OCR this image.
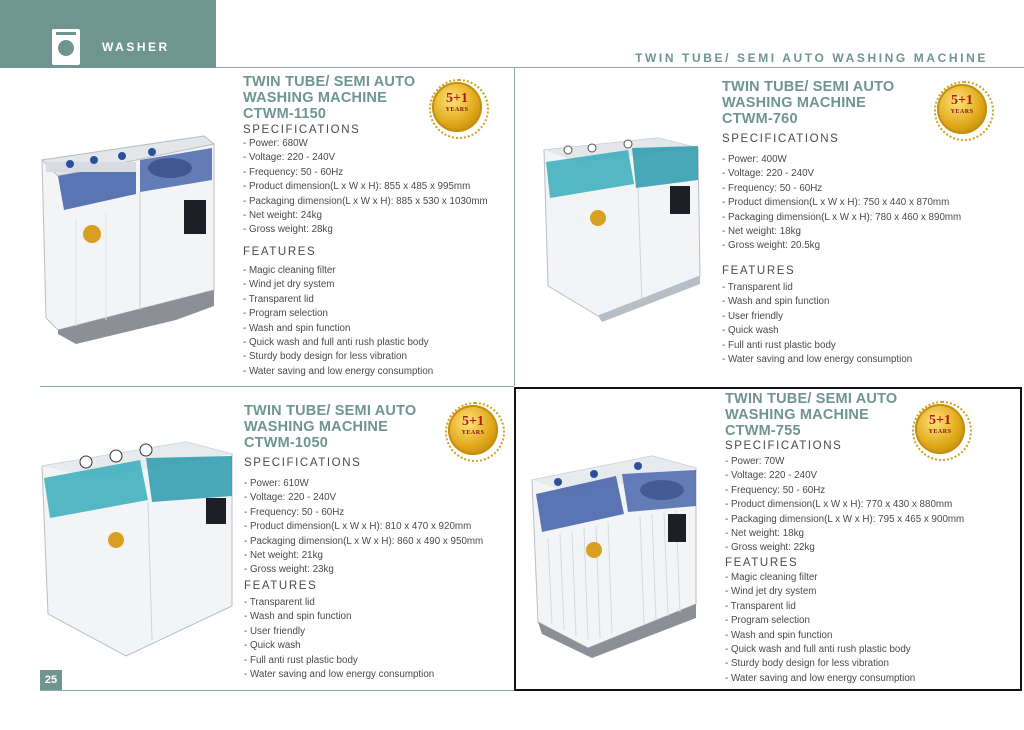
WASHER
TWIN TUBE/ SEMI AUTO WASHING MACHINE
5+1
YEARS
TWIN TUBE/ SEMI AUTO
WASHING MACHINE
CTWM-1150
SPECIFICATIONS
- Power: 680W
- Voltage: 220 - 240V
- Frequency: 50 - 60Hz
- Product dimension(L x W x H): 855 x 485 x 995mm
- Packaging dimension(L x W x H): 885 x 530 x 1030mm
- Net weight: 24kg
- Gross weight: 28kg
FEATURES
- Magic cleaning filter
- Wind jet dry system
- Transparent lid
- Program selection
- Wash and spin function
- Quick wash and full anti rush plastic body
- Sturdy body design for less vibration
- Water saving and low energy consumption
5+1
YEARS
TWIN TUBE/ SEMI AUTO
WASHING MACHINE
CTWM-760
SPECIFICATIONS
- Power: 400W
- Voltage: 220 - 240V
- Frequency: 50 - 60Hz
- Product dimension(L x W x H): 750 x 440 x 870mm
- Packaging dimension(L x W x H): 780 x 460 x 890mm
- Net weight: 18kg
- Gross weight: 20.5kg
FEATURES
- Transparent lid
- Wash and spin function
- User friendly
- Quick wash
- Full anti rust plastic body
- Water saving and low energy consumption
5+1
YEARS
TWIN TUBE/ SEMI AUTO
WASHING MACHINE
CTWM-1050
SPECIFICATIONS
- Power: 610W
- Voltage: 220 - 240V
- Frequency: 50 - 60Hz
- Product dimension(L x W x H): 810 x 470 x 920mm
- Packaging dimension(L x W x H): 860 x 490 x 950mm
- Net weight: 21kg
- Gross weight: 23kg
FEATURES
- Transparent lid
- Wash and spin function
- User friendly
- Quick wash
- Full anti rust plastic body
- Water saving and low energy consumption
5+1
YEARS
TWIN TUBE/ SEMI AUTO
WASHING MACHINE
CTWM-755
SPECIFICATIONS
- Power: 70W
- Voltage: 220 - 240V
- Frequency: 50 - 60Hz
- Product dimension(L x W x H): 770 x 430 x 880mm
- Packaging dimension(L x W x H): 795 x 465 x 900mm
- Net weight: 18kg
- Gross weight: 22kg
FEATURES
- Magic cleaning filter
- Wind jet dry system
- Transparent lid
- Program selection
- Wash and spin function
- Quick wash and full anti rush plastic body
- Sturdy body design for less vibration
- Water saving and low energy consumption
25
